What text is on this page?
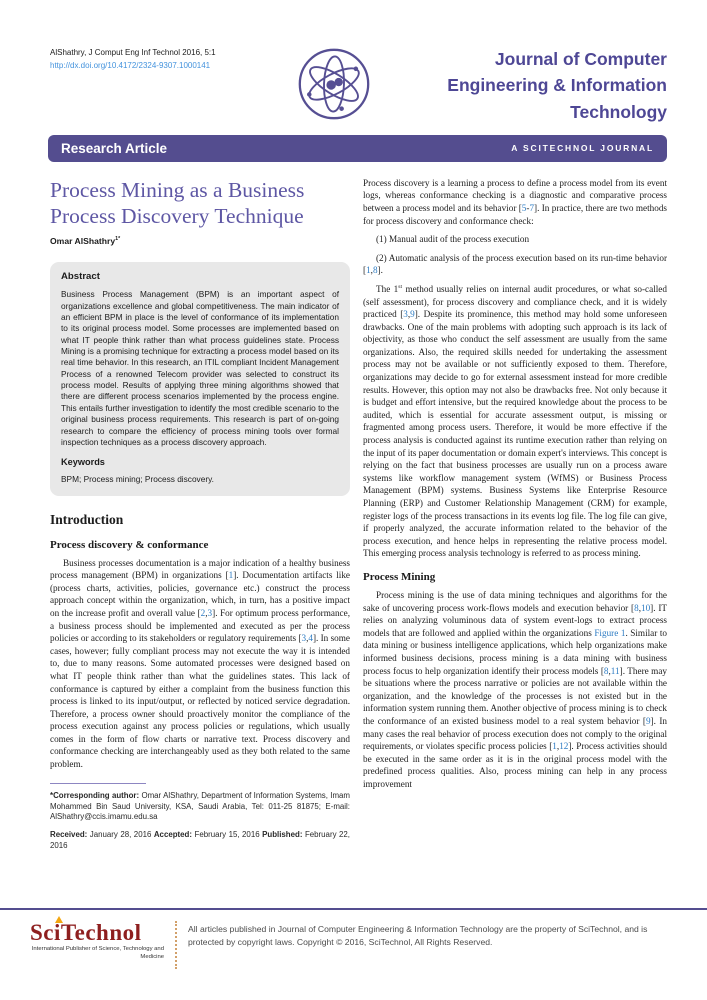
AlShathry, J Comput Eng Inf Technol 2016, 5:1
http://dx.doi.org/10.4172/2324-9307.1000141	Journal of Computer
Engineering & Information
Technology
Research Article	A SCITECHNOL JOURNAL
Process Mining as a Business Process Discovery Technique
Omar AlShathry$^{1*}$
Abstract

Business Process Management (BPM) is an important aspect of organizations excellence and global competitiveness. The main indicator of an efficient BPM in place is the level of conformance of its implementation to its original process model. Some processes are implemented based on what IT people think rather than what process guidelines state. Process Mining is a promising technique for extracting a process model based on its real time behavior. In this research, an ITIL compliant Incident Management Process of a renowned Telecom provider was selected to construct its process model. Results of applying three mining algorithms showed that there are different process scenarios implemented by the process engine. This entails further investigation to identify the most credible scenario to the original business process requirements. This research is part of on-going research to compare the efficiency of process mining tools over formal inspection techniques as a process discovery approach.

Keywords

BPM; Process mining; Process discovery.

Introduction
Process discovery & conformance

Business processes documentation is a major indication of a healthy business process management (BPM) in organizations [1]. Documentation artifacts like (process charts, activities, policies, governance etc.) construct the process approach concept within the organization, which, in turn, has a positive impact on the increase profit and overall value [2,3]. For optimum process performance, a business process should be implemented and executed as per the process policies or according to its stakeholders or regulatory requirements [3,4]. In some cases, however; fully compliant process may not execute the way it is intended to, due to many reasons. Some automated processes were designed based on what IT people think rather than what the guidelines states. This lack of conformance is captured by either a complaint from the business function this process is linked to its input/output, or reflected by noticed service degradation. Therefore, a process owner should proactively monitor the compliance of the process execution against any process policies or regulations, which usually comes in the form of flow charts or narrative text. Process discovery and conformance checking are interchangeably used as they both related to the same problem.

*Corresponding author: Omar AlShathry, Department of Information Systems, Imam Mohammed Bin Saud University, KSA, Saudi Arabia, Tel: 011-25 81875; E-mail: AlShathry@ccis.imamu.edu.sa

Received: January 28, 2016 Accepted: February 15, 2016 Published: February 22, 2016

Process discovery is a learning a process to define a process model from its event logs, whereas conformance checking is a diagnostic and comparative process between a process model and its behavior [5-7]. In practice, there are two methods for process discovery and conformance check:

(1) Manual audit of the process execution

(2) Automatic analysis of the process execution based on its run-time behavior [1,8].

The 1st method usually relies on internal audit procedures, or what so-called (self assessment), for process discovery and compliance check, and it is widely practiced [3,9]. Despite its prominence, this method may hold some unforeseen drawbacks. One of the main problems with adopting such approach is its lack of objectivity, as those who conduct the self assessment are usually from the same organizations. Also, the required skills needed for undertaking the assessment process may not be available or not sufficiently exposed to them. Therefore, organizations may decide to go for external assessment instead for more credible results. However, this option may not also be drawbacks free. Not only because it is budget and effort intensive, but the required knowledge about the process to be audited, which is essential for accurate assessment output, is missing or fragmented among process users. Therefore, it would be more effective if the process analysis is conducted against its runtime execution rather than relying on the input of its paper documentation or domain expert's interviews. This concept is relying on the fact that business processes are usually run on a process aware systems like workflow management system (WfMS) or Business Process Management (BPM) systems. Business Systems like Enterprise Resource Planning (ERP) and Customer Relationship Management (CRM) for example, register logs of the process transactions in its events log file. The log file can give, if properly analyzed, the accurate information related to the behavior of the process execution, and hence helps in representing the relative process model. This emerging process analysis technology is referred to as process mining.

Process Mining

Process mining is the use of data mining techniques and algorithms for the sake of uncovering process work-flows models and execution behavior [8,10]. IT relies on analyzing voluminous data of system event-logs to extract process models that are followed and applied within the organizations Figure 1. Similar to data mining or business intelligence applications, which help organizations make informed business decisions, process mining is a data mining with business process focus to help organization identify their process models [8,11]. There may be situations where the process narrative or policies are not available within the organization, and the knowledge of the processes is not existed but in the information system running them. Another objective of process mining is to check the conformance of an existed business model to a real system behavior [9]. In many cases the real behavior of process execution does not comply to the original requirements, or violates specific process policies [1,12]. Process activities should be executed in the same order as it is in the original process model with the predefined process qualities. Also, process mining can help in any process improvement

SciTechnol
International Publisher of Science, Technology and Medicine
All articles published in Journal of Computer Engineering & Information Technology are the property of SciTechnol, and is protected by copyright laws. Copyright © 2016, SciTechnol, All Rights Reserved.
